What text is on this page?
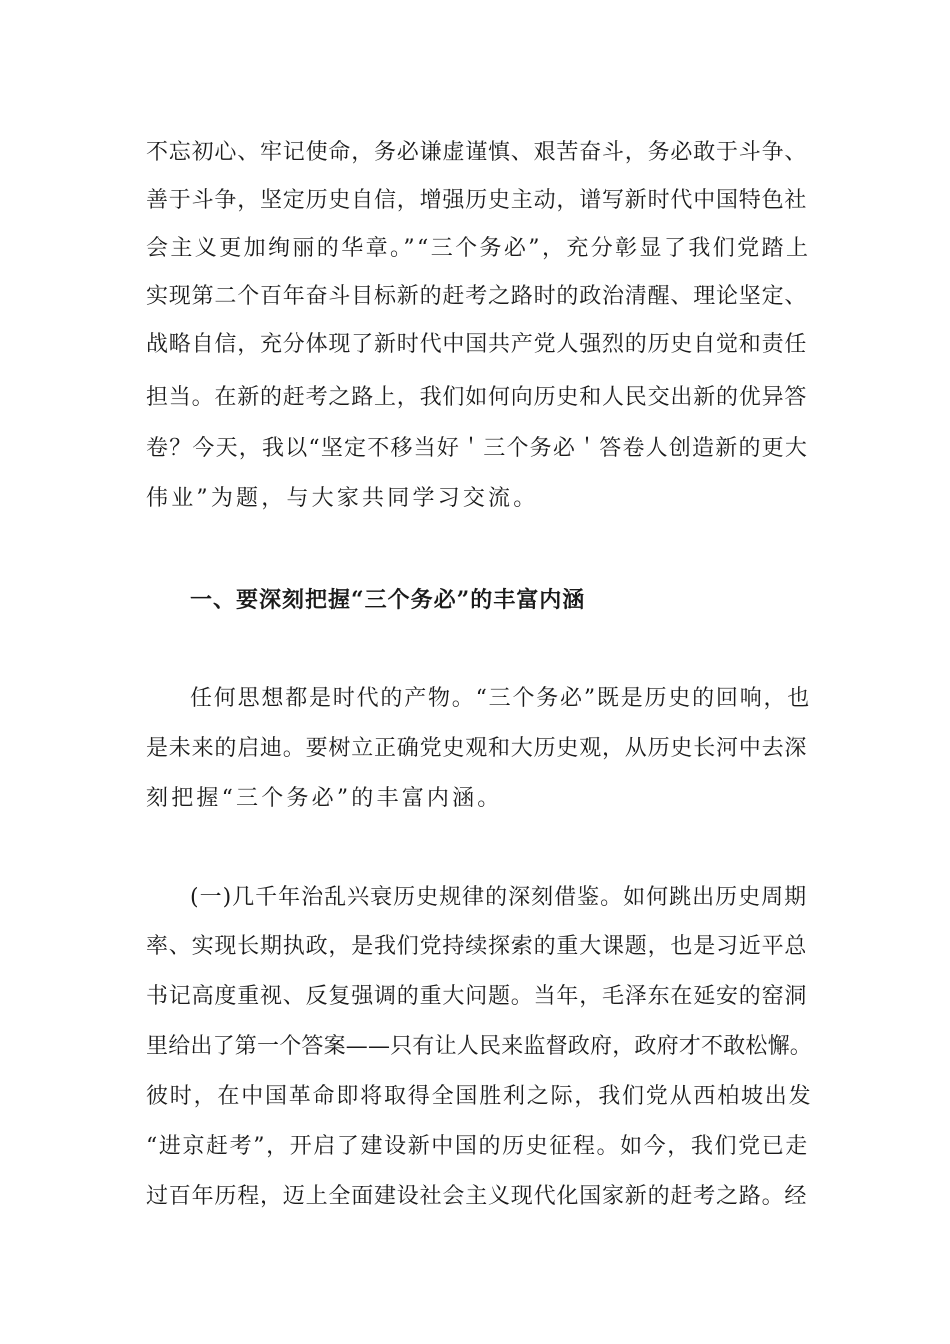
不忘初心、牢记使命，务必谦虚谨慎、艰苦奋斗，务必敢于斗争、
善于斗争，坚定历史自信，增强历史主动，谱写新时代中国特色社
会主义更加绚丽的华章。”“三个务必”，充分彰显了我们党踏上
实现第二个百年奋斗目标新的赶考之路时的政治清醒、理论坚定、
战略自信，充分体现了新时代中国共产党人强烈的历史自觉和责任
担当。在新的赶考之路上，我们如何向历史和人民交出新的优异答
卷？今天，我以“坚定不移当好＇三个务必＇答卷人创造新的更大
伟业”为题，与大家共同学习交流。
一、要深刻把握“三个务必”的丰富内涵
任何思想都是时代的产物。“三个务必”既是历史的回响，也
是未来的启迪。要树立正确党史观和大历史观，从历史长河中去深
刻把握“三个务必”的丰富内涵。
(一)几千年治乱兴衰历史规律的深刻借鉴。如何跳出历史周期
率、实现长期执政，是我们党持续探索的重大课题，也是习近平总
书记高度重视、反复强调的重大问题。当年，毛泽东在延安的窑洞
里给出了第一个答案——只有让人民来监督政府，政府才不敢松懈。
彼时，在中国革命即将取得全国胜利之际，我们党从西柏坡出发
“进京赶考”，开启了建设新中国的历史征程。如今，我们党已走
过百年历程，迈上全面建设社会主义现代化国家新的赶考之路。经
